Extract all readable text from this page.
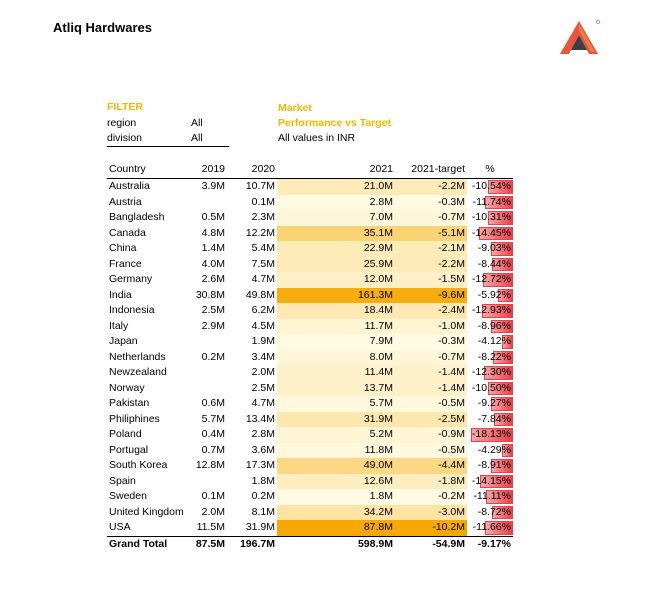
Atliq Hardwares
FILTER
region	All
division	All
Market
Performance vs Target
All values in INR
Country	2019	2020	2021	2021-target	%
Australia	3.9M	10.7M	21.0M	-2.2M	-10.54%
Austria		0.1M	2.8M	-0.3M	-11.74%
Bangladesh	0.5M	2.3M	7.0M	-0.7M	-10.31%
Canada	4.8M	12.2M	35.1M	-5.1M	-14.45%
China	1.4M	5.4M	22.9M	-2.1M	-9.03%
France	4.0M	7.5M	25.9M	-2.2M	-8.44%
Germany	2.6M	4.7M	12.0M	-1.5M	-12.72%
India	30.8M	49.8M	161.3M	-9.6M	-5.92%
Indonesia	2.5M	6.2M	18.4M	-2.4M	-12.93%
Italy	2.9M	4.5M	11.7M	-1.0M	-8.96%
Japan		1.9M	7.9M	-0.3M	-4.12%
Netherlands	0.2M	3.4M	8.0M	-0.7M	-8.22%
Newzealand		2.0M	11.4M	-1.4M	-12.30%
Norway		2.5M	13.7M	-1.4M	-10.50%
Pakistan	0.6M	4.7M	5.7M	-0.5M	-9.27%
Philiphines	5.7M	13.4M	31.9M	-2.5M	-7.84%
Poland	0.4M	2.8M	5.2M	-0.9M	-18.13%
Portugal	0.7M	3.6M	11.8M	-0.5M	-4.29%
South Korea	12.8M	17.3M	49.0M	-4.4M	-8.91%
Spain		1.8M	12.6M	-1.8M	-14.15%
Sweden	0.1M	0.2M	1.8M	-0.2M	-11.11%
United Kingdom	2.0M	8.1M	34.2M	-3.0M	-8.72%
USA	11.5M	31.9M	87.8M	-10.2M	-11.66%
Grand Total	87.5M	196.7M	598.9M	-54.9M	-9.17%
